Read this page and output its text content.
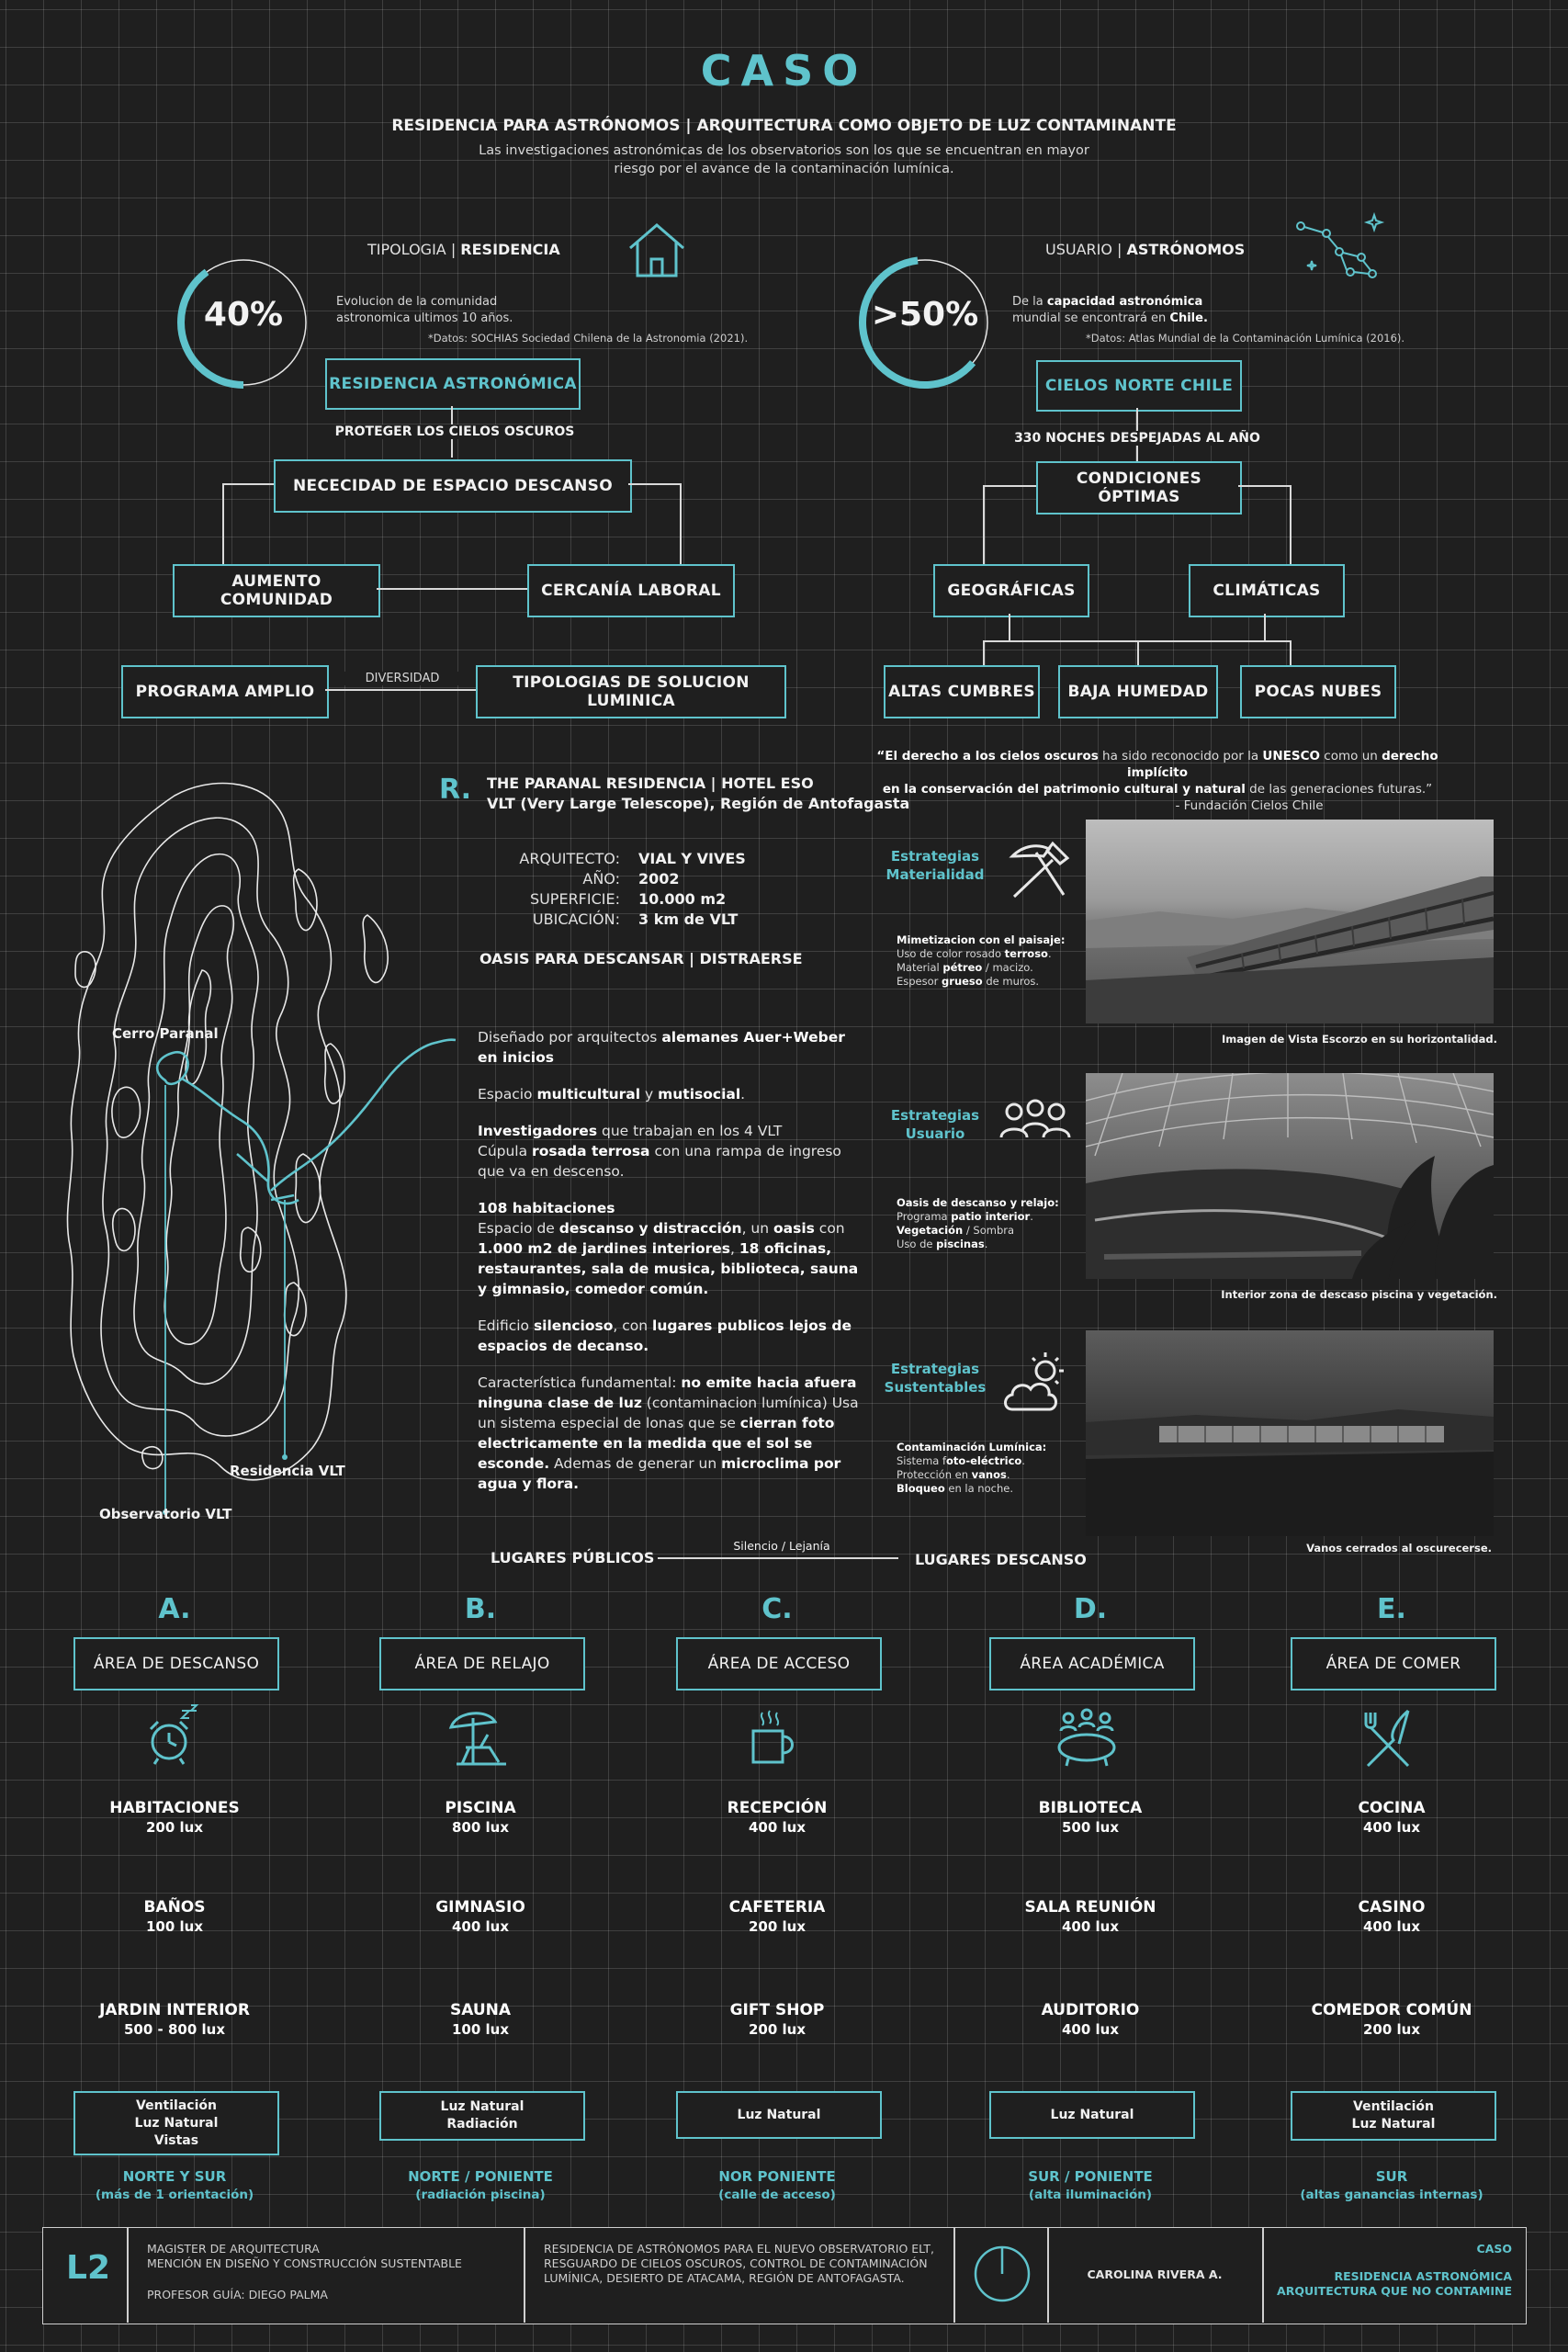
CASO
RESIDENCIA PARA ASTRÓNOMOS | ARQUITECTURA COMO OBJETO DE LUZ CONTAMINANTE
Las investigaciones astronómicas de los observatorios son los que se encuentran en mayor
riesgo por el avance de la contaminación lumínica.
TIPOLOGIA | RESIDENCIA
40%	Evolucion de la comunidad
astronomica ultimos 10 años.
*Datos: SOCHIAS Sociedad Chilena de la Astronomia (2021).
RESIDENCIA ASTRONÓMICA
PROTEGER LOS CIELOS OSCUROS
NECECIDAD DE ESPACIO DESCANSO
AUMENTO COMUNIDAD	CERCANÍA LABORAL
PROGRAMA AMPLIO
DIVERSIDAD	TIPOLOGIAS DE SOLUCION LUMINICA
USUARIO | ASTRÓNOMOS
>50%	De la capacidad astronómica
mundial se encontrará en Chile.
*Datos: Atlas Mundial de la Contaminación Lumínica (2016).
CIELOS NORTE CHILE
330 NOCHES DESPEJADAS AL AÑO
CONDICIONES ÓPTIMAS
GEOGRÁFICAS	CLIMÁTICAS
ALTAS CUMBRES	BAJA HUMEDAD	POCAS NUBES
“El derecho a los cielos oscuros ha sido reconocido por la UNESCO como un derecho implícito
en la conservación del patrimonio cultural y natural de las generaciones futuras.”
- Fundación Cielos Chile
Cerro Paranal
Residencia VLT
Observatorio VLT
R. THE PARANAL RESIDENCIA | HOTEL ESO
VLT (Very Large Telescope), Región de Antofagasta
ARQUITECTO: VIAL Y VIVES
AÑO: 2002
SUPERFICIE: 10.000 m2
UBICACIÓN: 3 km de VLT
OASIS PARA DESCANSAR | DISTRAERSE

Diseñado por arquitectos alemanes Auer+Weber en inicios

Espacio multicultural y mutisocial.

Investigadores que trabajan en los 4 VLT
Cúpula rosada terrosa con una rampa de ingreso que va en descenso.

108 habitaciones
Espacio de descanso y distracción, un oasis con 1.000 m2 de jardines interiores, 18 oficinas, restaurantes, sala de musica, biblioteca, sauna y gimnasio, comedor común.

Edificio silencioso, con lugares publicos lejos de espacios de decanso.

Característica fundamental: no emite hacia afuera ninguna clase de luz (contaminacion lumínica) Usa un sistema especial de lonas que se cierran foto electricamente en la medida que el sol se esconde. Ademas de generar un microclima por agua y flora.

Estrategias
Materialidad
Mimetizacion con el paisaje:
Uso de color rosado terroso.
Material pétreo / macizo.
Espesor grueso de muros.
Imagen de Vista Escorzo en su horizontalidad.
Estrategias
Usuario
Oasis de descanso y relajo:
Programa patio interior.
Vegetación / Sombra
Uso de piscinas.
Interior zona de descaso piscina y vegetación.
Estrategias
Sustentables
Contaminación Lumínica:
Sistema foto-eléctrico.
Protección en vanos.
Bloqueo en la noche.
Vanos cerrados al oscurecerse.
LUGARES PÚBLICOS
Silencio / Lejanía
LUGARES DESCANSO
A.
ÁREA DE DESCANSO
HABITACIONES
200 lux
BAÑOS
100 lux
JARDIN INTERIOR
500 - 800 lux
Ventilación
Luz Natural
Vistas
NORTE Y SUR
(más de 1 orientación)
B.
ÁREA DE RELAJO
PISCINA
800 lux
GIMNASIO
400 lux
SAUNA
100 lux
Luz Natural
Radiación
NORTE / PONIENTE
(radiación piscina)
C.
ÁREA DE ACCESO
RECEPCIÓN
400 lux
CAFETERIA
200 lux
GIFT SHOP
200 lux
Luz Natural
NOR PONIENTE
(calle de acceso)
D.
ÁREA ACADÉMICA
BIBLIOTECA
500 lux
SALA REUNIÓN
400 lux
AUDITORIO
400 lux
Luz Natural
SUR / PONIENTE
(alta iluminación)
E.
ÁREA DE COMER
COCINA
400 lux
CASINO
400 lux
COMEDOR COMÚN
200 lux
Ventilación
Luz Natural
SUR
(altas ganancias internas)
L2
MAGISTER DE ARQUITECTURA
MENCIÓN EN DISEÑO Y CONSTRUCCIÓN SUSTENTABLE
PROFESOR GUÍA: DIEGO PALMA
RESIDENCIA DE ASTRÓNOMOS PARA EL NUEVO OBSERVATORIO ELT,
RESGUARDO DE CIELOS OSCUROS, CONTROL DE CONTAMINACIÓN
LUMÍNICA, DESIERTO DE ATACAMA, REGIÓN DE ANTOFAGASTA.	CAROLINA RIVERA A.
CASO
RESIDENCIA ASTRONÓMICA
ARQUITECTURA QUE NO CONTAMINE
